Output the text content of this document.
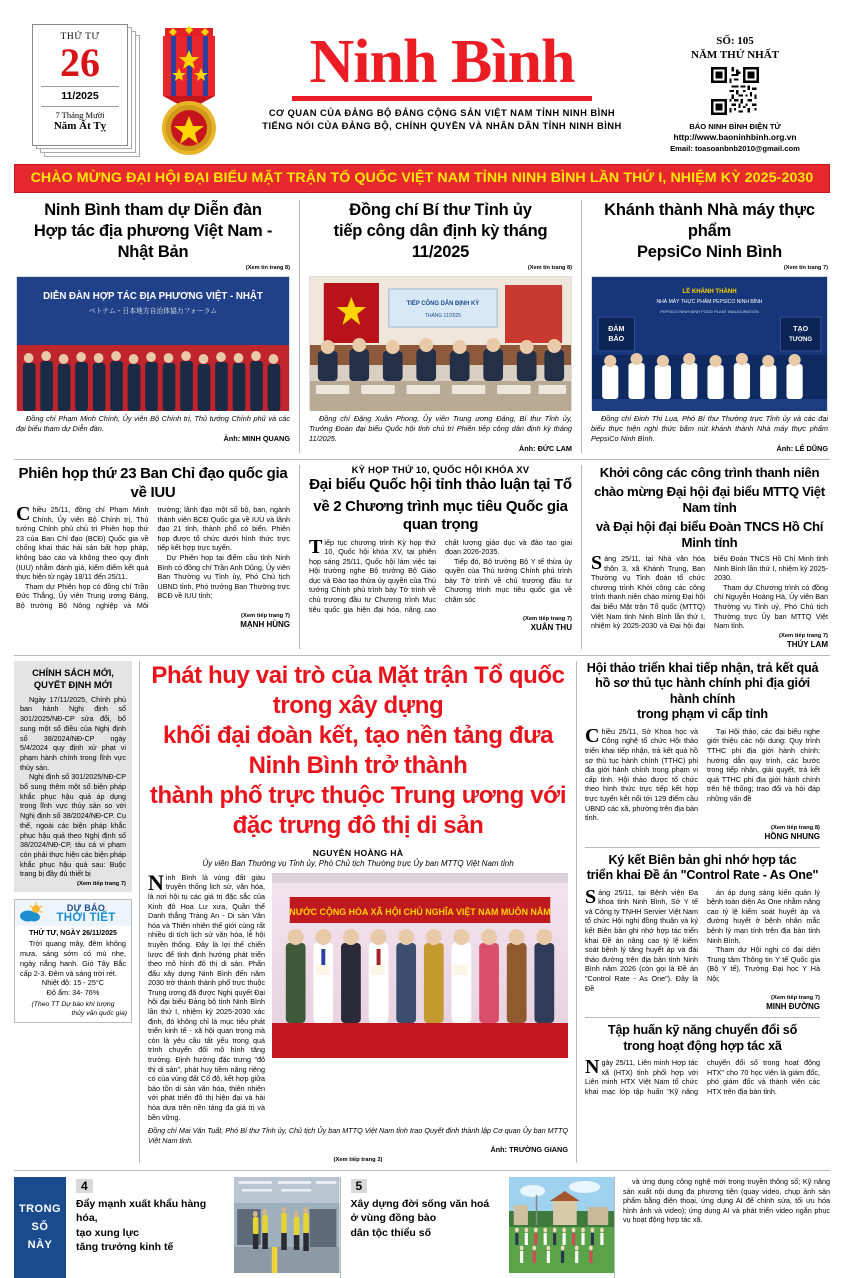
THỨ TƯ
26
11/2025
7 Tháng Mười
Năm Ất Tỵ
Ninh Bình
CƠ QUAN CỦA ĐẢNG BỘ ĐẢNG CỘNG SẢN VIỆT NAM TỈNH NINH BÌNH
TIẾNG NÓI CỦA ĐẢNG BỘ, CHÍNH QUYỀN VÀ NHÂN DÂN TỈNH NINH BÌNH
SỐ: 105
NĂM THỨ NHẤT
BÁO NINH BÌNH ĐIỆN TỬ
http://www.baoninhbinh.org.vn
Email: toasoanbnb2010@gmail.com
CHÀO MỪNG ĐẠI HỘI ĐẠI BIỂU MẶT TRẬN TỔ QUỐC VIỆT NAM TỈNH NINH BÌNH LẦN THỨ I, NHIỆM KỲ 2025-2030
Ninh Bình tham dự Diễn đàn
Hợp tác địa phương Việt Nam - Nhật Bản
(Xem tin trang 8)
DIỄN ĐÀN HỢP TÁC ĐỊA PHƯƠNG VIỆT - NHẬT
ベトナム・日本地方自治体協力フォーラム
Đồng chí Phạm Minh Chính, Ủy viên Bộ Chính trị, Thủ tướng Chính phủ và các đại biểu tham dự Diễn đàn.
Ảnh: MINH QUANG
Đồng chí Bí thư Tỉnh ủy
tiếp công dân định kỳ tháng 11/2025
(Xem tin trang 8)
TIẾP CÔNG DÂN ĐỊNH KỲ
THÁNG 11/2025
Đồng chí Đặng Xuân Phong, Ủy viên Trung ương Đảng, Bí thư Tỉnh ủy, Trưởng Đoàn đại biểu Quốc hội tỉnh chủ trì Phiên tiếp công dân định kỳ tháng 11/2025.
Ảnh: ĐỨC LAM
Khánh thành Nhà máy thực phẩm
PepsiCo Ninh Bình
(Xem tin trang 7)
LỄ KHÁNH THÀNH
NHÀ MÁY THỰC PHẨM PEPSICO NINH BÌNH
PEPSICO NINH BINH FOOD PLANT INAUGURATION
ĐẢM
BẢO
TẠO
TƯƠNG
Đồng chí Đinh Thị Lụa, Phó Bí thư Thường trực Tỉnh ủy và các đại biểu thực hiện nghi thức bấm nút khánh thành Nhà máy thực phẩm PepsiCo Ninh Bình.
Ảnh: LÊ DŨNG
Phiên họp thứ 23 Ban Chỉ đạo quốc gia về IUU

Chiều 25/11, đồng chí Phạm Minh Chính, Ủy viên Bộ Chính trị, Thủ tướng Chính phủ chủ trì Phiên họp thứ 23 của Ban Chỉ đạo (BCĐ) Quốc gia về chống khai thác hải sản bất hợp pháp, không báo cáo và không theo quy định (IUU) nhằm đánh giá, kiểm điểm kết quả thực hiện từ ngày 18/11 đến 25/11.

Tham dự Phiên họp có đồng chí Trần Đức Thắng, Ủy viên Trung ương Đảng, Bộ trưởng Bộ Nông nghiệp và Môi trường; lãnh đạo một số bộ, ban, ngành thành viên BCĐ Quốc gia về IUU và lãnh đạo 21 tỉnh, thành phố có biển. Phiên họp được tổ chức dưới hình thức trực tiếp kết hợp trực tuyến.

Dự Phiên họp tại điểm cầu tỉnh Ninh Bình có đồng chí Trần Anh Dũng, Ủy viên Ban Thường vụ Tỉnh ủy, Phó Chủ tịch UBND tỉnh, Phó trưởng Ban Thường trực BCĐ về IUU tỉnh;

(Xem tiếp trang 7)
MẠNH HÙNG
KỲ HỌP THỨ 10, QUỐC HỘI KHÓA XV
Đại biểu Quốc hội tỉnh thảo luận tại Tổ
về 2 Chương trình mục tiêu Quốc gia quan trọng

Tiếp tục chương trình Kỳ họp thứ 10, Quốc hội khóa XV, tại phiên họp sáng 25/11, Quốc hội làm việc tại Hội trường nghe Bộ trưởng Bộ Giáo dục và Đào tạo thừa ủy quyền của Thủ tướng Chính phủ trình bày Tờ trình về chủ trương đầu tư Chương trình Mục tiêu quốc gia hiện đại hóa, nâng cao chất lượng giáo dục và đào tạo giai đoạn 2026-2035.

Tiếp đó, Bộ trưởng Bộ Y tế thừa ủy quyền của Thủ tướng Chính phủ trình bày Tờ trình về chủ trương đầu tư Chương trình mục tiêu quốc gia về chăm sóc

(Xem tiếp trang 7)
XUÂN THU
Khởi công các công trình thanh niên
chào mừng Đại hội đại biểu MTTQ Việt Nam tỉnh
và Đại hội đại biểu Đoàn TNCS Hồ Chí Minh tỉnh

Sáng 25/11, tại Nhà văn hóa thôn 3, xã Khánh Trung, Ban Thường vụ Tỉnh đoàn tổ chức chương trình Khởi công các công trình thanh niên chào mừng Đại hội đại biểu Mặt trận Tổ quốc (MTTQ) Việt Nam tỉnh Ninh Bình lần thứ I, nhiệm kỳ 2025-2030 và Đại hội đại biểu Đoàn TNCS Hồ Chí Minh tỉnh Ninh Bình lần thứ I, nhiệm kỳ 2025-2030.

Tham dự Chương trình có đồng chí Nguyễn Hoàng Hà, Ủy viên Ban Thường vụ Tỉnh uỷ, Phó Chủ tịch Thường trực Ủy ban MTTQ Việt Nam tỉnh.

(Xem tiếp trang 7)
THÚY LAM
CHÍNH SÁCH MỚI,
QUYẾT ĐỊNH MỚI

Ngày 17/11/2025, Chính phủ ban hành Nghị định số 301/2025/NĐ-CP sửa đổi, bổ sung một số điều của Nghị định số 38/2024/NĐ-CP ngày 5/4/2024 quy định xử phạt vi phạm hành chính trong lĩnh vực thủy sản.

Nghị định số 301/2025/NĐ-CP bổ sung thêm một số biện pháp khắc phục hậu quả áp dụng trong lĩnh vực thủy sản so với Nghị định số 38/2024/NĐ-CP. Cụ thể, ngoài các biện pháp khắc phục hậu quả theo Nghị định số 38/2024/NĐ-CP, tàu cá vi phạm còn phải thực hiện các biện pháp khắc phục hậu quả sau: Buộc trang bị đầy đủ thiết bị

(Xem tiếp trang 7)
DỰ BÁO
THỜI TIẾT
THỨ TƯ, NGÀY 26/11/2025

Trời quang mây, đêm không mưa, sáng sớm có mù nhẹ, ngày nắng hanh. Gió Tây Bắc cấp 2-3. Đêm và sáng trời rét.

Nhiệt độ: 15 - 25°C

Độ ẩm: 34- 76%

(Theo TT Dự báo khí tượng
thủy văn quốc gia)
Phát huy vai trò của Mặt trận Tổ quốc trong xây dựng
khối đại đoàn kết, tạo nền tảng đưa Ninh Bình trở thành
thành phố trực thuộc Trung ương với đặc trưng đô thị di sản
NGUYỄN HOÀNG HÀ
Ủy viên Ban Thường vụ Tỉnh ủy, Phó Chủ tịch Thường trực Ủy ban MTTQ Việt Nam tỉnh

Ninh Bình là vùng đất giàu truyền thống lịch sử, văn hóa, là nơi hội tụ các giá trị đặc sắc của Kinh đô Hoa Lư xưa, Quần thể Danh thắng Tràng An - Di sản Văn hóa và Thiên nhiên thế giới cùng rất nhiều di tích lịch sử văn hóa, lễ hội truyền thống. Đây là lợi thế chiến lược để tỉnh định hướng phát triển theo mô hình đô thị di sản. Phấn đấu xây dựng Ninh Bình đến năm 2030 trở thành thành phố trực thuộc Trung ương đã được Nghị quyết Đại hội đại biểu Đảng bộ tỉnh Ninh Bình lần thứ I, nhiệm kỳ 2025-2030 xác định, đó không chỉ là mục tiêu phát triển kinh tế - xã hội quan trọng mà còn là yêu cầu tất yếu trong quá trình chuyển đổi mô hình tăng trưởng. Định hướng đặc trưng "đô thị di sản", phát huy tiềm năng riêng có của vùng đất Cố đô, kết hợp giữa bảo tồn di sản văn hóa, thiên nhiên với phát triển đô thị hiện đại và hài hòa dựa trên nền tảng đa giá trị và bền vững.

NƯỚC CỘNG HÒA XÃ HỘI CHỦ NGHĨA VIỆT NAM MUÔN NĂM
Đồng chí Mai Văn Tuất, Phó Bí thư Tỉnh ủy, Chủ tịch Ủy ban MTTQ Việt Nam tỉnh trao Quyết định thành lập Cơ quan Ủy ban MTTQ Việt Nam tỉnh.
Ảnh: TRƯỜNG GIANG
(Xem tiếp trang 2)
Hội thảo triển khai tiếp nhận, trả kết quả
hồ sơ thủ tục hành chính phi địa giới hành chính
trong phạm vi cấp tỉnh

Chiều 25/11, Sở Khoa học và Công nghệ tổ chức Hội thảo triển khai tiếp nhận, trả kết quả hồ sơ thủ tục hành chính (TTHC) phi địa giới hành chính trong phạm vi cấp tỉnh. Hội thảo được tổ chức theo hình thức trực tiếp kết hợp trực tuyến kết nối tới 129 điểm cầu UBND các xã, phường trên địa bàn tỉnh.

Tại Hội thảo, các đại biểu nghe giới thiệu các nội dung: Quy trình TTHC phi địa giới hành chính; hướng dẫn quy trình, các bước trong tiếp nhận, giải quyết, trả kết quả TTHC phi địa giới hành chính trên hệ thống; trao đổi và hỏi đáp những vấn đề

(Xem tiếp trang 8)
HỒNG NHUNG
Ký kết Biên bản ghi nhớ hợp tác
triển khai Đề án "Control Rate - As One"

Sáng 25/11, tại Bệnh viện Đa khoa tỉnh Ninh Bình, Sở Y tế và Công ty TNHH Servier Việt Nam tổ chức Hội nghị đồng thuận và ký kết Biên bản ghi nhớ hợp tác triển khai Đề án nâng cao tỷ lệ kiểm soát bệnh lý tăng huyết áp và đái tháo đường trên địa bàn tỉnh Ninh Bình năm 2026 (còn gọi là Đề án "Control Rate - As One"). Đây là Đề

án áp dụng sáng kiến quản lý bệnh toàn diện As One nhằm nâng cao tỷ lệ kiểm soát huyết áp và đường huyết ở bệnh nhân mắc bệnh lý mạn tính trên địa bàn tỉnh Ninh Bình.

Tham dự Hội nghị có đại diện Trung tâm Thông tin Y tế Quốc gia (Bộ Y tế), Trường Đại học Y Hà Nội;

(Xem tiếp trang 7)
MINH ĐƯỜNG
Tập huấn kỹ năng chuyển đổi số
trong hoạt động hợp tác xã

Ngày 25/11, Liên minh Hợp tác xã (HTX) tỉnh phối hợp với Liên minh HTX Việt Nam tổ chức khai mạc lớp tập huấn "Kỹ năng chuyển đổi số trong hoạt động HTX" cho 70 học viên là giám đốc, phó giám đốc và thành viên các HTX trên địa bàn tỉnh.

TRONG
SỐ
NÀY
4
Đẩy mạnh xuất khẩu hàng hóa,
tạo xung lực
tăng trưởng kinh tế
5
Xây dựng đời sống văn hoá
ở vùng đồng bào
dân tộc thiểu số

và ứng dụng công nghệ mới trong truyền thông số; Kỹ năng sản xuất nội dung đa phương tiện (quay video, chụp ảnh sản phẩm bằng điện thoại, ứng dụng AI để chỉnh sửa, tối ưu hóa hình ảnh và video); ứng dụng AI và phát triển video ngắn phục vụ hoạt động hợp tác xã.
